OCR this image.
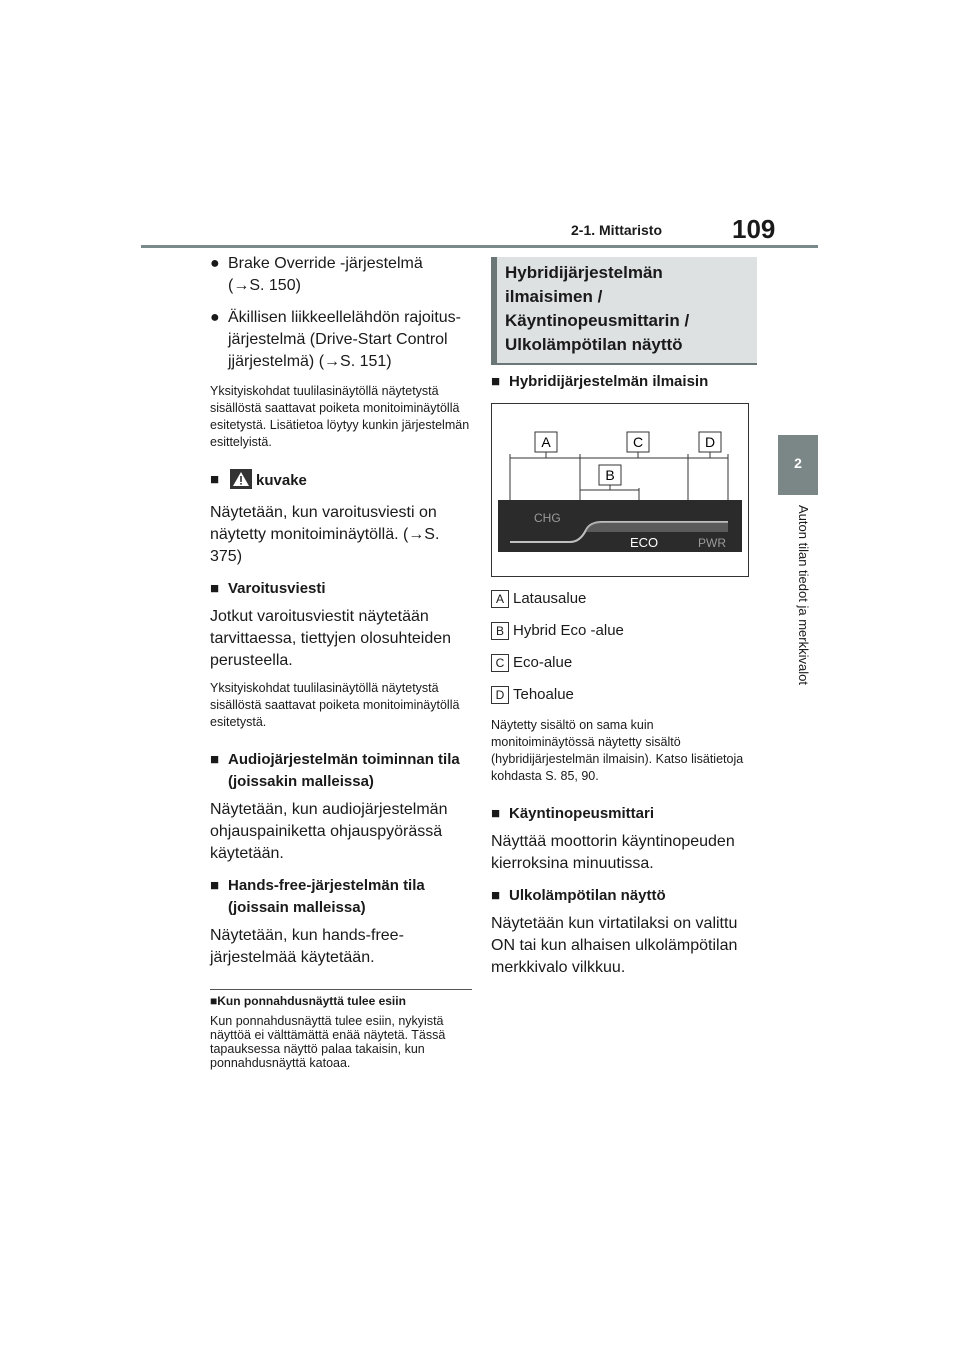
2-1. Mittaristo	109
2
Auton tilan tiedot ja merkkivalot
● Brake Override -järjestelmä
(→S. 150)
● Äkillisen liikkeellelähdön rajoitus-
järjestelmä (Drive-Start Control
jjärjestelmä) (→S. 151)
Yksityiskohdat tuulilasinäytöllä näytetystä sisällöstä saattavat poiketa monitoiminäytöllä esitetystä. Lisätietoa löytyy kunkin järjestelmän esittelyistä.
■ kuvake
Näytetään, kun varoitusviesti on näytetty monitoiminäytöllä. (→S. 375)
■ Varoitusviesti
Jotkut varoitusviestit näytetään tarvittaessa, tiettyjen olosuhteiden perusteella.
Yksityiskohdat tuulilasinäytöllä näytetystä sisällöstä saattavat poiketa monitoiminäytöllä esitetystä.
■ Audiojärjestelmän toiminnan tila (joissakin malleissa)
Näytetään, kun audiojärjestelmän ohjauspainiketta ohjauspyörässä käytetään.
■ Hands-free-järjestelmän tila (joissain malleissa)
Näytetään, kun hands-free-järjestelmää käytetään.
■Kun ponnahdusnäyttä tulee esiin
Kun ponnahdusnäyttä tulee esiin, nykyistä näyttöä ei välttämättä enää näytetä. Tässä tapauksessa näyttö palaa takaisin, kun ponnahdusnäyttä katoaa.
Hybridijärjestelmän
ilmaisimen /
Käyntinopeusmittarin /
Ulkolämpötilan näyttö
■ Hybridijärjestelmän ilmaisin
A	C	D
B
CHG
ECO	PWR
A Latausalue
B Hybrid Eco -alue
C Eco-alue
D Tehoalue
Näytetty sisältö on sama kuin monitoiminäytössä näytetty sisältö (hybridijärjestelmän ilmaisin). Katso lisätietoja kohdasta S. 85, 90.
■ Käyntinopeusmittari
Näyttää moottorin käyntinopeuden kierroksina minuutissa.
■ Ulkolämpötilan näyttö
Näytetään kun virtatilaksi on valittu ON tai kun alhaisen ulkolämpötilan merkkivalo vilkkuu.
